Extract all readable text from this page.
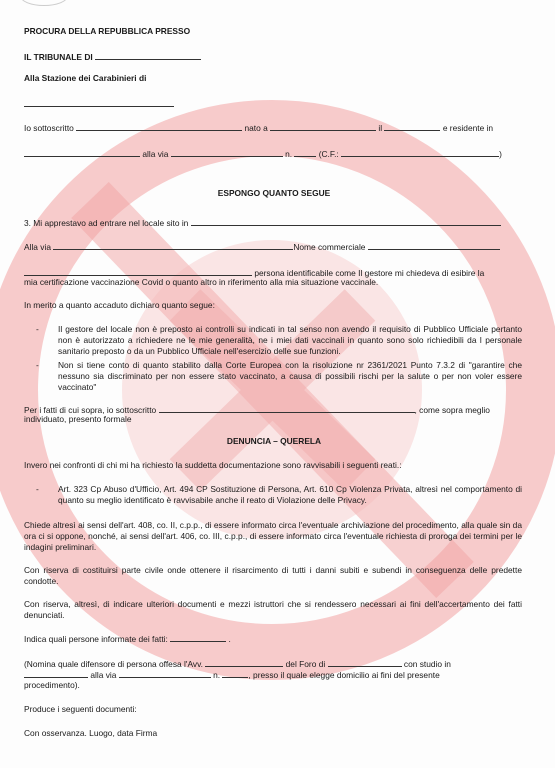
PROCURA DELLA REPUBBLICA PRESSO
IL TRIBUNALE DI
Alla Stazione dei Carabinieri di
Io sottoscritto	nato a	il	e residente in
alla via	n.	(C.F.:	)
ESPONGO QUANTO SEGUE
3. Mi apprestavo ad entrare nel locale sito in
Alla via	Nome commerciale
persona identificabile come Il gestore mi chiedeva di esibire la
mia certificazione vaccinazione Covid o quanto altro in riferimento alla mia situazione vaccinale.
In merito a quanto accaduto dichiaro quanto segue:
- Il gestore del locale non è preposto ai controlli su indicati in tal senso non avendo il requisito di Pubblico Ufficiale pertanto non è autorizzato a richiedere ne le mie generalità, ne i miei dati vaccinali in quanto sono solo richiedibili da l personale sanitario preposto o da un Pubblico Ufficiale nell'esercizio delle sue funzioni.
- Non si tiene conto di quanto stabilito dalla Corte Europea con la risoluzione nr 2361/2021 Punto 7.3.2 di "garantire che nessuno sia discriminato per non essere stato vaccinato, a causa di possibili rischi per la salute o per non voler essere vaccinato"
Per i fatti di cui sopra, io sottoscritto	, come sopra meglio
individuato, presento formale
DENUNCIA – QUERELA
Invero nei confronti di chi mi ha richiesto la suddetta documentazione sono ravvisabili i seguenti reati.:
- Art. 323 Cp Abuso d'Ufficio, Art. 494 CP Sostituzione di Persona, Art. 610 Cp Violenza Privata, altresì nel comportamento di quanto su meglio identificato è ravvisabile anche il reato di Violazione delle Privacy.
Chiede altresì ai sensi dell'art. 408, co. II, c.p.p., di essere informato circa l'eventuale archiviazione del procedimento, alla quale sin da ora ci si oppone, nonché, ai sensi dell'art. 406, co. III, c.p.p., di essere informato circa l'eventuale richiesta di proroga dei termini per le indagini preliminari.
Con riserva di costituirsi parte civile onde ottenere il risarcimento di tutti i danni subiti e subendi in conseguenza delle predette condotte.
Con riserva, altresì, di indicare ulteriori documenti e mezzi istruttori che si rendessero necessari ai fini dell'accertamento dei fatti denunciati.
Indica quali persone informate dei fatti:	.
(Nomina quale difensore di persona offesa l'Avv.	del Foro di	con studio in
alla via	n.	, presso il quale elegge domicilio ai fini del presente
procedimento).
Produce i seguenti documenti:
Con osservanza. Luogo, data Firma
